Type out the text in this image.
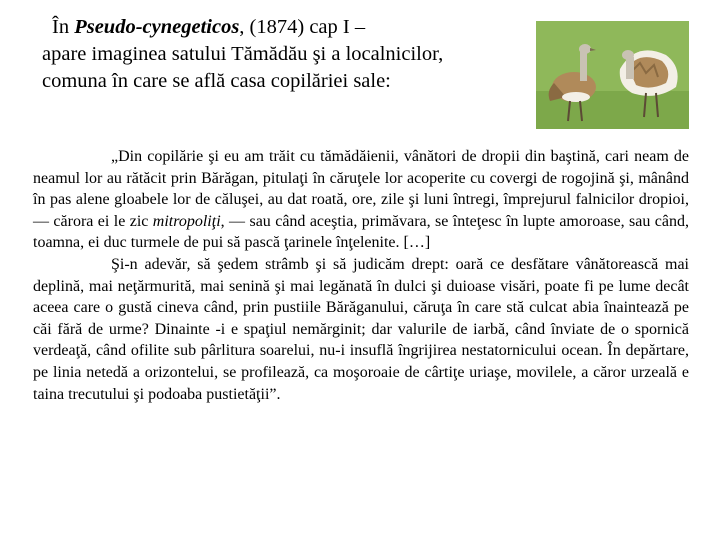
În Pseudo-cynegeticos, (1874) cap I –
apare imaginea satului Tămădău şi a localnicilor,
comuna în care se află casa copilăriei sale:

„Din copilărie şi eu am trăit cu tămădăienii, vânători de dropii din baştină, cari neam de neamul lor au rătăcit prin Bărăgan, pitulaţi în căruţele lor acoperite cu covergi de rogojină şi, mânând în pas alene gloabele lor de căluşei, au dat roată, ore, zile şi luni întregi, împrejurul falnicilor dropioi, — cărora ei le zic mitropoliţi, — sau când aceştia, primăvara, se înteţesc în lupte amoroase, sau când, toamna, ei duc turmele de pui să pască ţarinele înţelenite. […]

Şi-n adevăr, să şedem strâmb şi să judicăm drept: oară ce desfătare vânătorească mai deplină, mai neţărmurită, mai senină şi mai legănată în dulci şi duioase visări, poate fi pe lume decât aceea care o gustă cineva când, prin pustiile Bărăganului, căruţa în care stă culcat abia înaintează pe căi fără de urme? Dinainte -i e spaţiul nemărginit; dar valurile de iarbă, când înviate de o spornică verdeaţă, când ofilite sub pârlitura soarelui, nu-i insuflă îngrijirea nestatornicului ocean. În depărtare, pe linia netedă a orizontelui, se profilează, ca moşoroaie de cârtiţe uriaşe, movilele, a căror urzeală e taina trecutului şi podoaba pustietăţii”.
